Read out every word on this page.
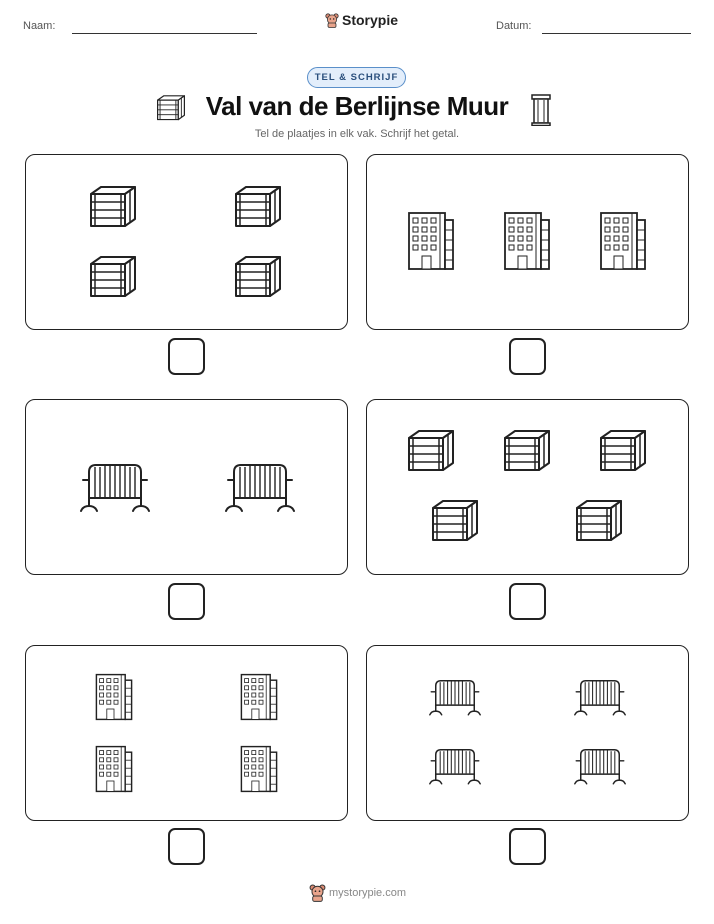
Naam:	Storypie	Datum:
TEL & SCHRIJF
Val van de Berlijnse Muur
Tel de plaatjes in elk vak. Schrijf het getal.
mystorypie.com
